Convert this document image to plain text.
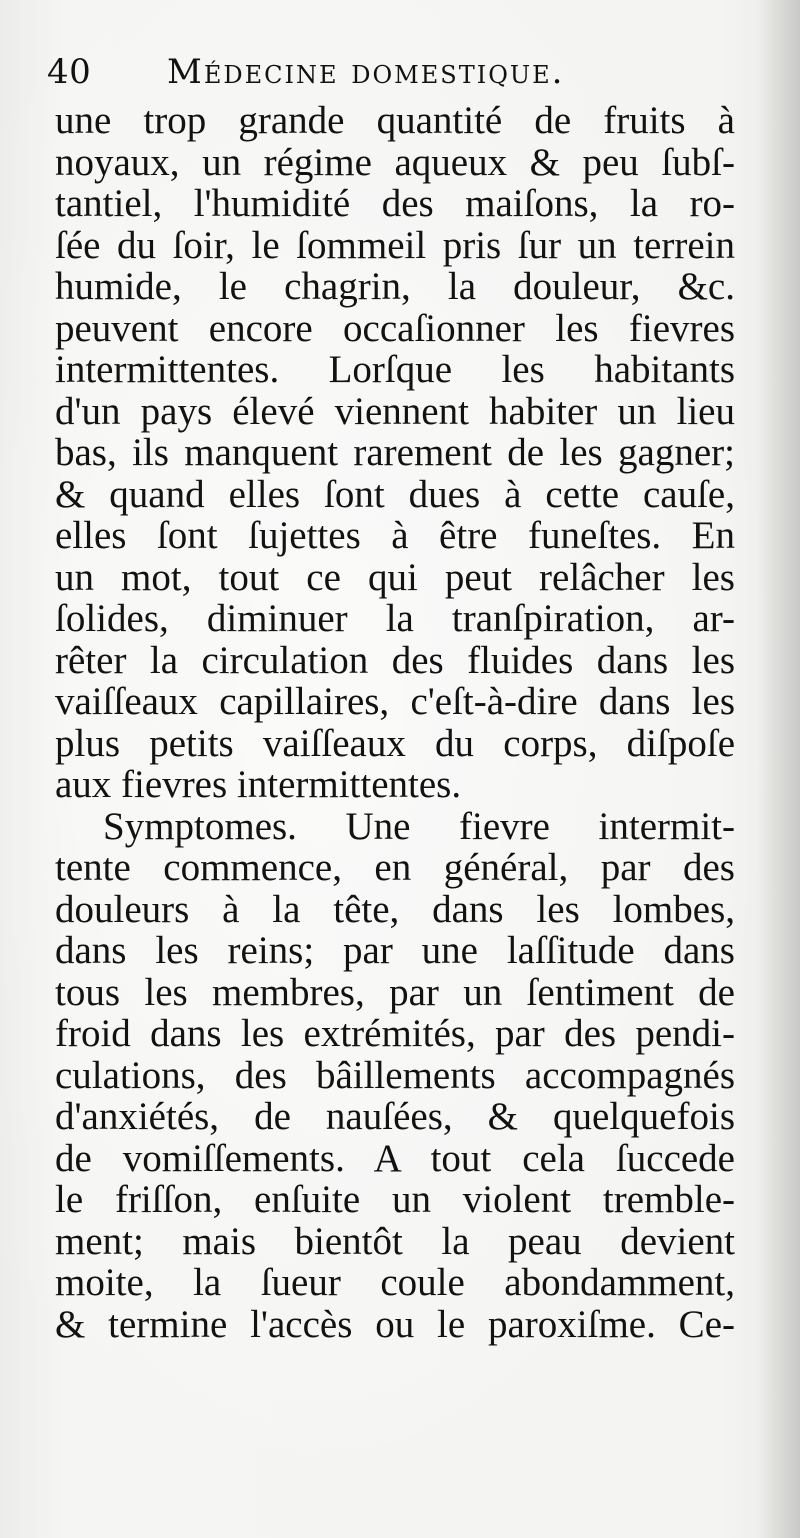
40 Médecine domestique.
une trop grande quantité de fruits à
noyaux, un régime aqueux & peu ſubſ-
tantiel, l'humidité des maiſons, la ro-
ſée du ſoir, le ſommeil pris ſur un terrein
humide, le chagrin, la douleur, &c.
peuvent encore occaſionner les fievres
intermittentes. Lorſque les habitants
d'un pays élevé viennent habiter un lieu
bas, ils manquent rarement de les gagner;
& quand elles ſont dues à cette cauſe,
elles ſont ſujettes à être funeſtes. En
un mot, tout ce qui peut relâcher les
ſolides, diminuer la tranſpiration, ar-
rêter la circulation des fluides dans les
vaiſſeaux capillaires, c'eſt-à-dire dans les
plus petits vaiſſeaux du corps, diſpoſe
aux fievres intermittentes.
Symptomes. Une fievre intermit-
tente commence, en général, par des
douleurs à la tête, dans les lombes,
dans les reins; par une laſſitude dans
tous les membres, par un ſentiment de
froid dans les extrémités, par des pendi-
culations, des bâillements accompagnés
d'anxiétés, de nauſées, & quelquefois
de vomiſſements. A tout cela ſuccede
le friſſon, enſuite un violent tremble-
ment; mais bientôt la peau devient
moite, la ſueur coule abondamment,
& termine l'accès ou le paroxiſme. Ce-
